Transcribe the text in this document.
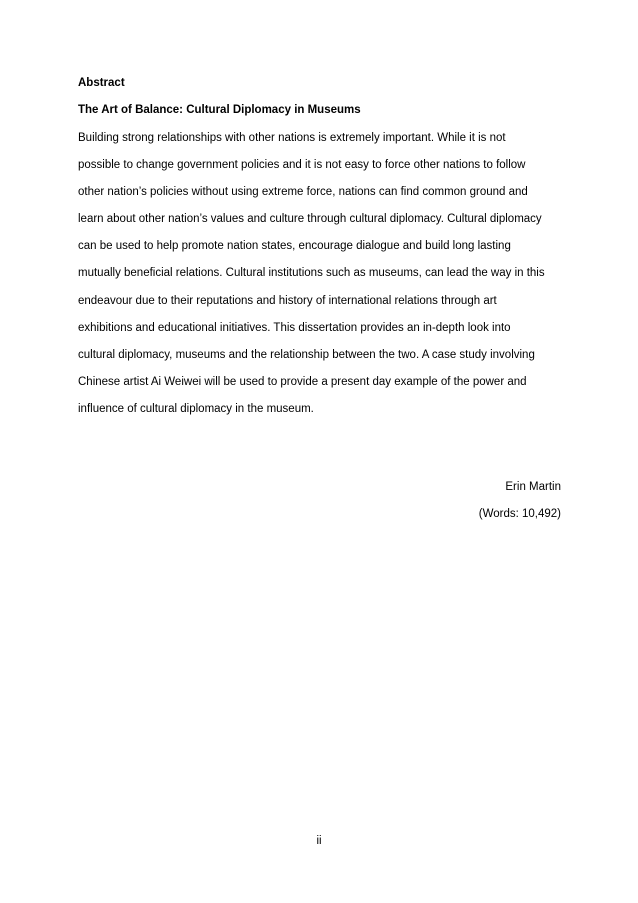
Abstract
The Art of Balance: Cultural Diplomacy in Museums
Building strong relationships with other nations is extremely important. While it is not
possible to change government policies and it is not easy to force other nations to follow
other nation’s policies without using extreme force, nations can find common ground and
learn about other nation’s values and culture through cultural diplomacy. Cultural diplomacy
can be used to help promote nation states, encourage dialogue and build long lasting
mutually beneficial relations. Cultural institutions such as museums, can lead the way in this
endeavour due to their reputations and history of international relations through art
exhibitions and educational initiatives. This dissertation provides an in-depth look into
cultural diplomacy, museums and the relationship between the two. A case study involving
Chinese artist Ai Weiwei will be used to provide a present day example of the power and
influence of cultural diplomacy in the museum.
Erin Martin
(Words: 10,492)
ii
